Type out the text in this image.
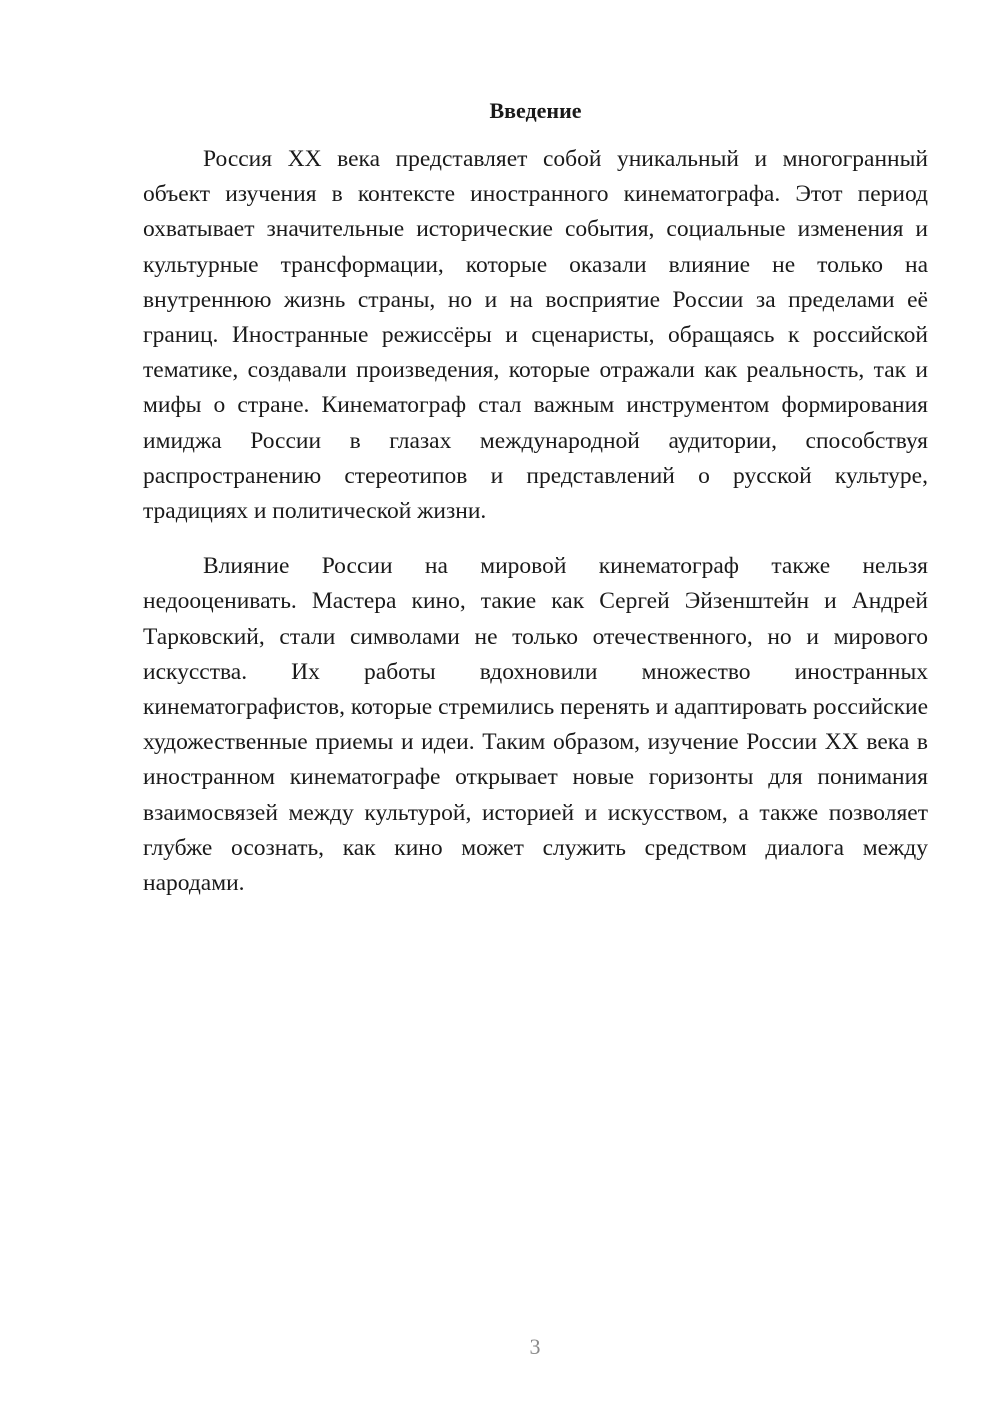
Введение

Россия XX века представляет собой уникальный и многогранный объект изучения в контексте иностранного кинематографа. Этот период охватывает значительные исторические события, социальные изменения и культурные трансформации, которые оказали влияние не только на внутреннюю жизнь страны, но и на восприятие России за пределами её границ. Иностранные режиссёры и сценаристы, обращаясь к российской тематике, создавали произведения, которые отражали как реальность, так и мифы о стране. Кинематограф стал важным инструментом формирования имиджа России в глазах международной аудитории, способствуя распространению стереотипов и представлений о русской культуре, традициях и политической жизни.

Влияние России на мировой кинематограф также нельзя недооценивать. Мастера кино, такие как Сергей Эйзенштейн и Андрей Тарковский, стали символами не только отечественного, но и мирового искусства. Их работы вдохновили множество иностранных кинематографистов, которые стремились перенять и адаптировать российские художественные приемы и идеи. Таким образом, изучение России XX века в иностранном кинематографе открывает новые горизонты для понимания взаимосвязей между культурой, историей и искусством, а также позволяет глубже осознать, как кино может служить средством диалога между народами.

3
